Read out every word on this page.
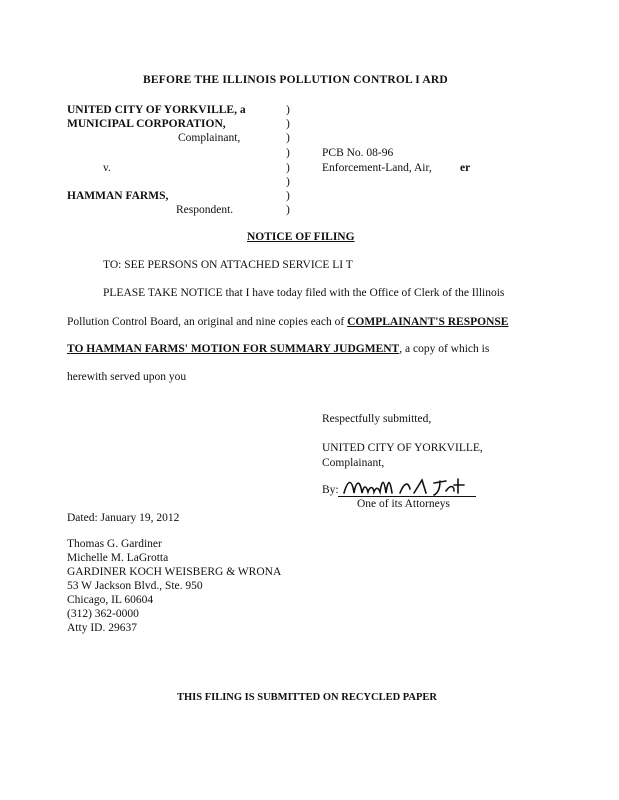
BEFORE THE ILLINOIS POLLUTION CONTROL I ARD
UNITED CITY OF YORKVILLE, a
MUNICIPAL CORPORATION,
Complainant,
v.
HAMMAN FARMS,
Respondent.
)
)
)
)
)
)
)
)
PCB No. 08-96
Enforcement-Land, Air, er
NOTICE OF FILING
TO: SEE PERSONS ON ATTACHED SERVICE LI T
PLEASE TAKE NOTICE that I have today filed with the Office of Clerk of the Illinois
Pollution Control Board, an original and nine copies each of COMPLAINANT'S RESPONSE
TO HAMMAN FARMS' MOTION FOR SUMMARY JUDGMENT, a copy of which is
herewith served upon you
Respectfully submitted,
UNITED CITY OF YORKVILLE,
Complainant,
By:
One of its Attorneys
Dated: January 19, 2012
Thomas G. Gardiner
Michelle M. LaGrotta
GARDINER KOCH WEISBERG & WRONA
53 W Jackson Blvd., Ste. 950
Chicago, IL 60604
(312) 362-0000
Atty ID. 29637
THIS FILING IS SUBMITTED ON RECYCLED PAPER
